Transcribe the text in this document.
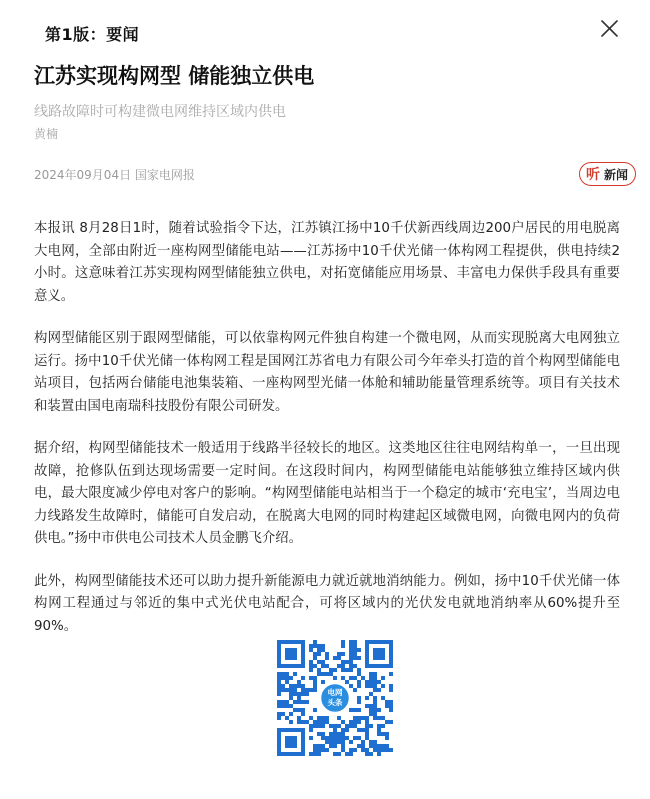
第1版：要闻
江苏实现构网型 储能独立供电
线路故障时可构建微电网维持区域内供电
黄楠
2024年09月04日 国家电网报	听 新闻

本报讯 8月28日1时，随着试验指令下达，江苏镇江扬中10千伏新西线周边200户居民的用电脱离大电网，全部由附近一座构网型储能电站——江苏扬中10千伏光储一体构网工程提供，供电持续2小时。这意味着江苏实现构网型储能独立供电，对拓宽储能应用场景、丰富电力保供手段具有重要意义。

构网型储能区别于跟网型储能，可以依靠构网元件独自构建一个微电网，从而实现脱离大电网独立运行。扬中10千伏光储一体构网工程是国网江苏省电力有限公司今年牵头打造的首个构网型储能电站项目，包括两台储能电池集装箱、一座构网型光储一体舱和辅助能量管理系统等。项目有关技术和装置由国电南瑞科技股份有限公司研发。

据介绍，构网型储能技术一般适用于线路半径较长的地区。这类地区往往电网结构单一，一旦出现故障，抢修队伍到达现场需要一定时间。在这段时间内，构网型储能电站能够独立维持区域内供电，最大限度减少停电对客户的影响。“构网型储能电站相当于一个稳定的城市‘充电宝’，当周边电力线路发生故障时，储能可自发启动，在脱离大电网的同时构建起区域微电网，向微电网内的负荷供电。”扬中市供电公司技术人员金鹏飞介绍。

此外，构网型储能技术还可以助力提升新能源电力就近就地消纳能力。例如，扬中10千伏光储一体构网工程通过与邻近的集中式光伏电站配合，可将区域内的光伏发电就地消纳率从60%提升至90%。

电网
头条
